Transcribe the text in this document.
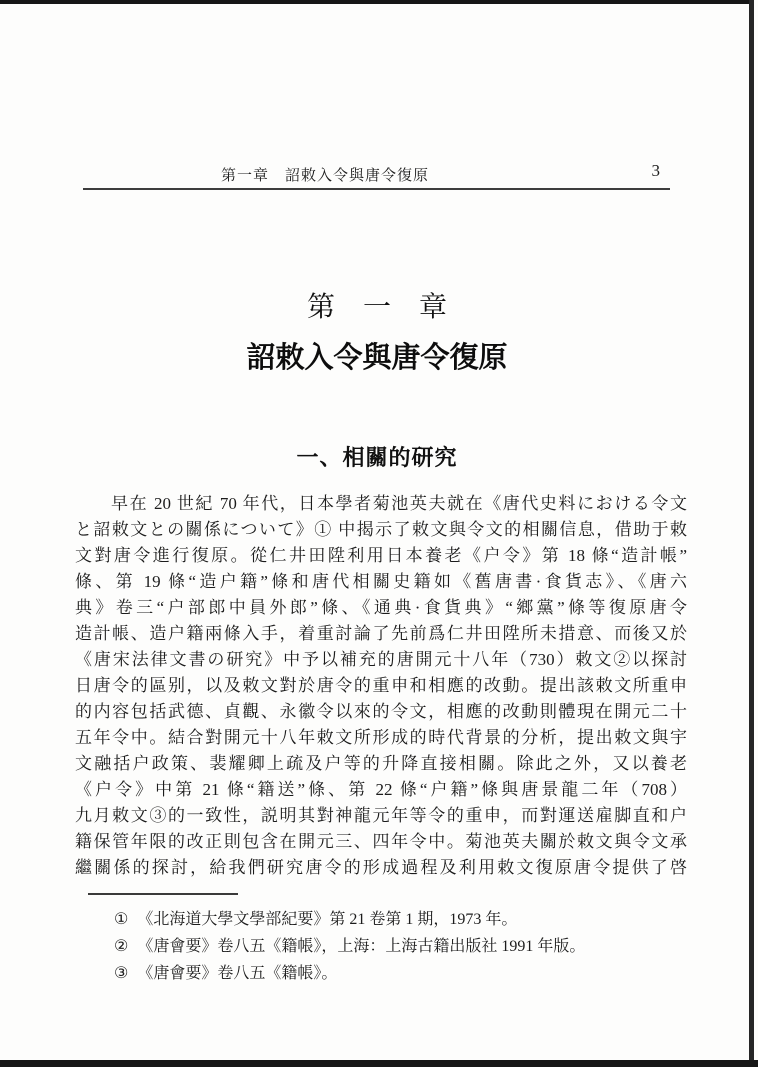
第一章　詔敕入令與唐令復原	3
第　一　章
詔敕入令與唐令復原
一、相關的研究
早在 20 世紀 70 年代，日本學者菊池英夫就在《唐代史料における令文
と詔敕文との關係について》① 中揭示了敕文與令文的相關信息，借助于敕
文對唐令進行復原。從仁井田陞利用日本養老《户令》第 18 條“造計帳”
條、第 19 條“造户籍”條和唐代相關史籍如《舊唐書·食貨志》、《唐六
典》卷三“户部郎中員外郎”條、《通典·食貨典》“鄉黨”條等復原唐令
造計帳、造户籍兩條入手，着重討論了先前爲仁井田陞所未措意、而後又於
《唐宋法律文書の研究》中予以補充的唐開元十八年（730）敕文②以探討
日唐令的區别，以及敕文對於唐令的重申和相應的改動。提出該敕文所重申
的内容包括武德、貞觀、永徽令以來的令文，相應的改動則體現在開元二十
五年令中。結合對開元十八年敕文所形成的時代背景的分析，提出敕文與宇
文融括户政策、裴耀卿上疏及户等的升降直接相關。除此之外，又以養老
《户令》中第 21 條“籍送”條、第 22 條“户籍”條與唐景龍二年（708）
九月敕文③的一致性，説明其對神龍元年等令的重申，而對運送雇脚直和户
籍保管年限的改正則包含在開元三、四年令中。菊池英夫關於敕文與令文承
繼關係的探討，給我們研究唐令的形成過程及利用敕文復原唐令提供了啓
① 《北海道大學文學部紀要》第 21 卷第 1 期，1973 年。
② 《唐會要》卷八五《籍帳》，上海：上海古籍出版社 1991 年版。
③ 《唐會要》卷八五《籍帳》。
